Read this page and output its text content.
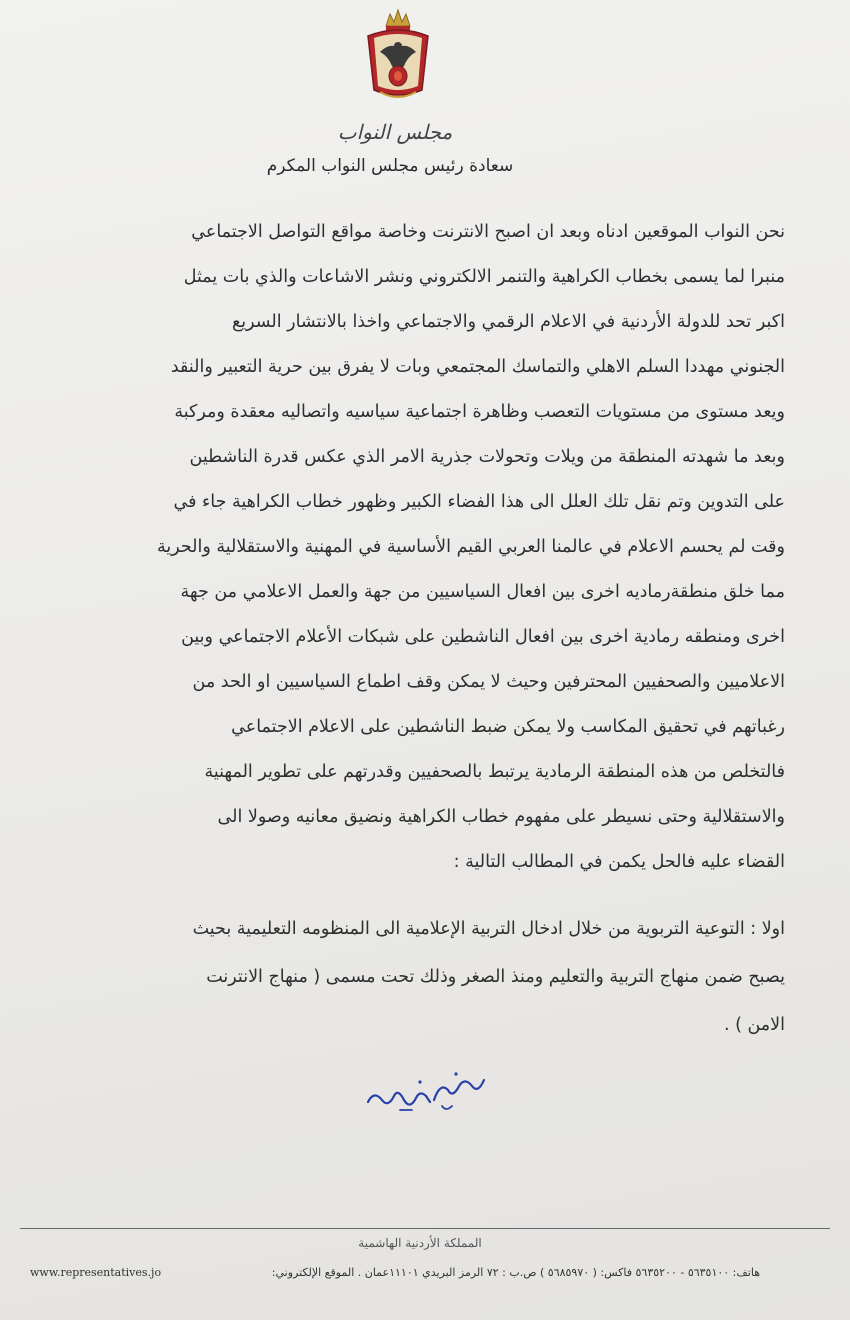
مجلس النواب
سعادة رئيس مجلس النواب المكرم
نحن النواب الموقعين ادناه وبعد ان اصبح الانترنت وخاصة مواقع التواصل الاجتماعي
منبرا لما يسمى بخطاب الكراهية والتنمر الالكتروني ونشر الاشاعات والذي بات يمثل
اكبر تحد للدولة الأردنية في الاعلام الرقمي والاجتماعي واخذا بالانتشار السريع
الجنوني مهددا السلم الاهلي والتماسك المجتمعي وبات لا يفرق بين حرية التعبير والنقد
ويعد مستوى من مستويات التعصب وظاهرة اجتماعية سياسيه واتصاليه معقدة ومركبة
وبعد ما شهدته المنطقة من ويلات وتحولات جذرية الامر الذي عكس قدرة الناشطين
على التدوين وتم نقل تلك العلل الى هذا الفضاء الكبير وظهور خطاب الكراهية جاء في
وقت لم يحسم الاعلام في عالمنا العربي القيم الأساسية في المهنية والاستقلالية والحرية
مما خلق منطقةرماديه اخرى بين افعال السياسيين من جهة والعمل الاعلامي من جهة
اخرى ومنطقه رمادية اخرى بين افعال الناشطين على شبكات الأعلام الاجتماعي وبين
الاعلاميين والصحفيين المحترفين وحيث لا يمكن وقف اطماع السياسيين او الحد من
رغباتهم في تحقيق المكاسب ولا يمكن ضبط الناشطين على الاعلام الاجتماعي
فالتخلص من هذه المنطقة الرمادية يرتبط بالصحفيين وقدرتهم على تطوير المهنية
والاستقلالية وحتى نسيطر على مفهوم خطاب الكراهية ونضيق معانيه وصولا الى
القضاء عليه فالحل يكمن في المطالب التالية :
اولا : التوعية التربوية من خلال ادخال التربية الإعلامية الى المنظومه التعليمية بحيث
يصبح ضمن منهاج التربية والتعليم ومنذ الصغر وذلك تحت مسمى ( منهاج الانترنت
الامن ) .
المملكة الأردنية الهاشمية
هاتف: ٥٦٣٥١٠٠ - ٥٦٣٥٢٠٠ فاكس: ( ٥٦٨٥٩٧٠ ) ص.ب : ٧٢ الرمز البريدي ١١١٠١عمان . الموقع الإلكتروني:
www.representatives.jo
